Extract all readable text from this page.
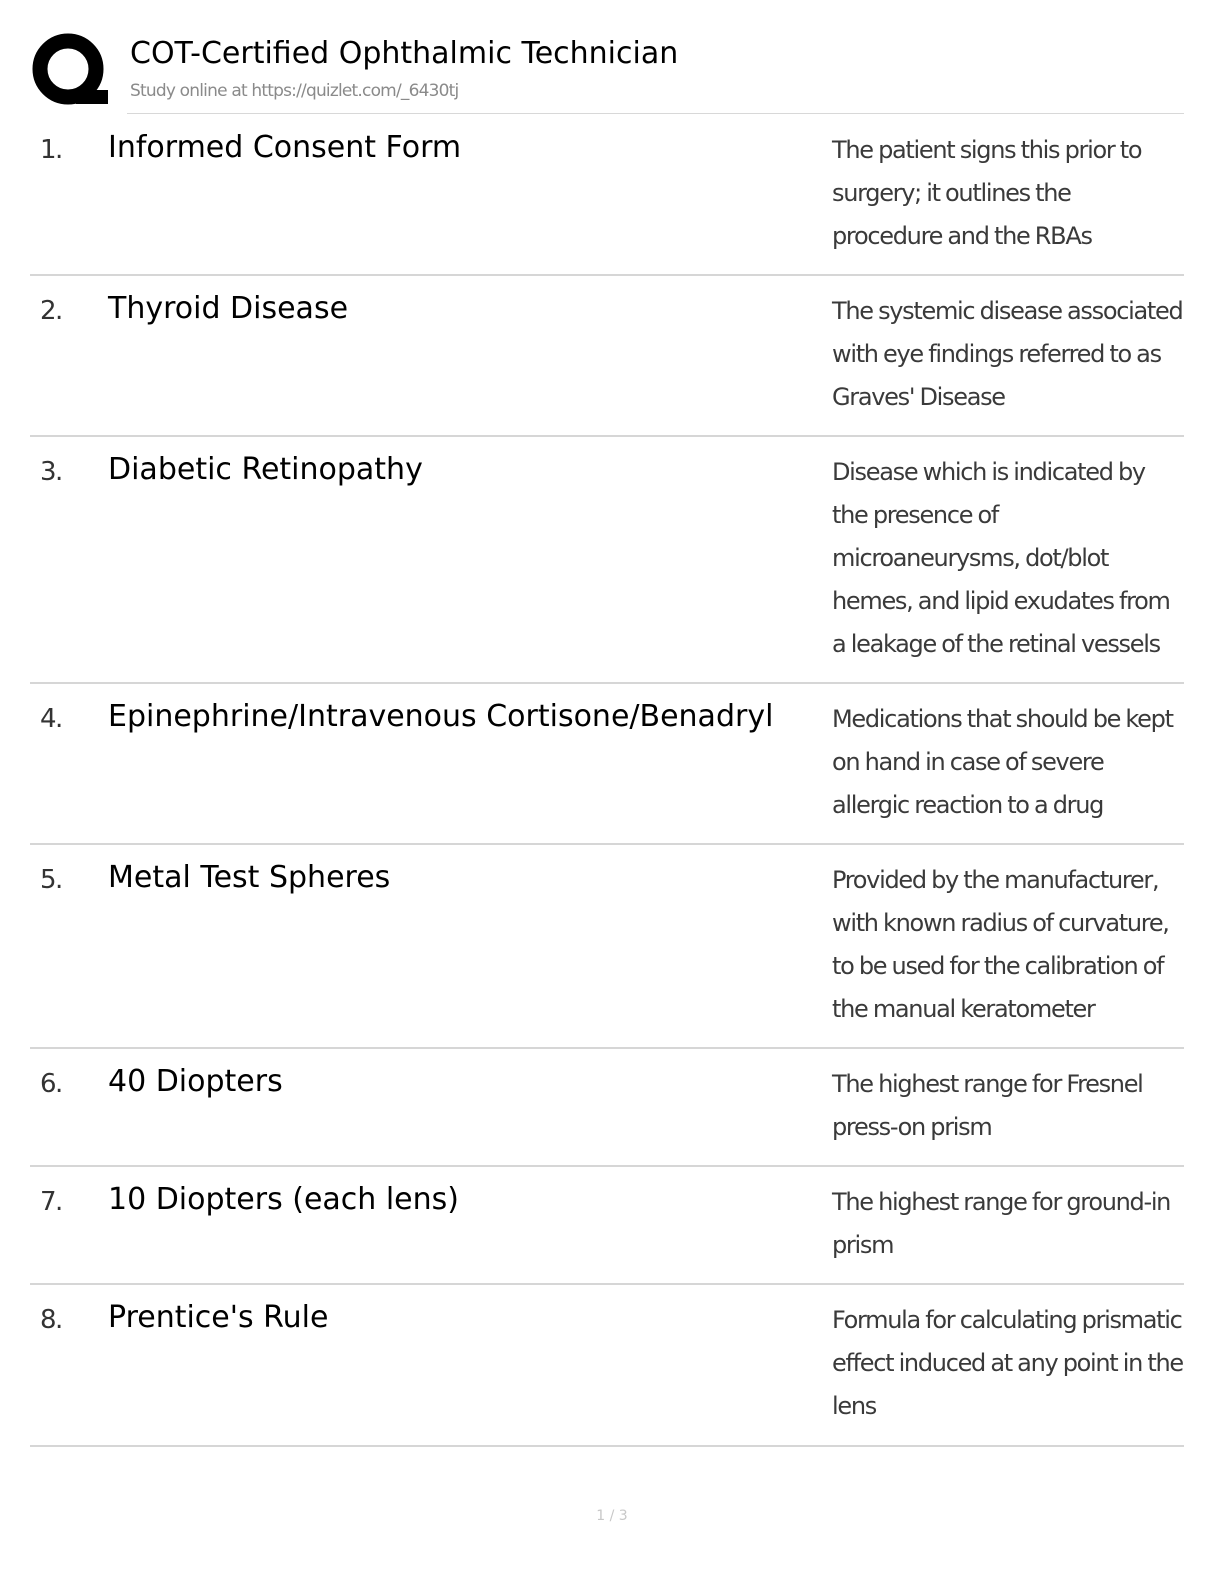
COT-Certified Ophthalmic Technician
Study online at https://quizlet.com/_6430tj
1. Informed Consent Form	The patient signs this prior to surgery; it outlines the procedure and the RBAs
2. Thyroid Disease	The systemic disease associated with eye findings referred to as Graves' Disease
3. Diabetic Retinopathy	Disease which is indicated by the presence of microaneurysms, dot/blot hemes, and lipid exudates from a leakage of the retinal vessels
4. Epinephrine/Intravenous Cortisone/Benadryl	Medications that should be kept on hand in case of severe allergic reaction to a drug
5. Metal Test Spheres	Provided by the manufacturer, with known radius of curvature, to be used for the calibration of the manual keratometer
6. 40 Diopters	The highest range for Fresnel press-on prism
7. 10 Diopters (each lens)	The highest range for ground-in prism
8. Prentice's Rule	Formula for calculating prismatic effect induced at any point in the lens
1 / 3
